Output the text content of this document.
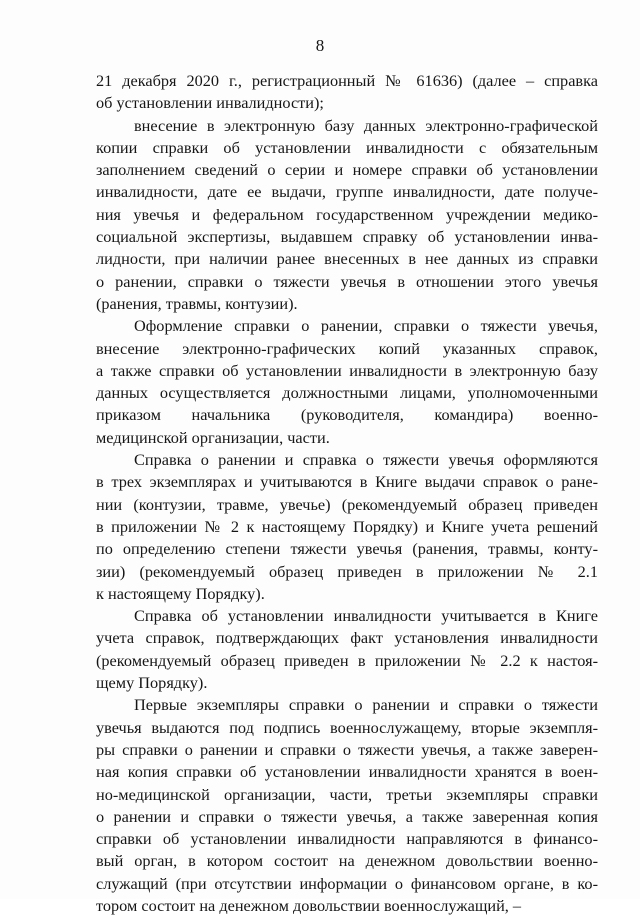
8

21 декабря 2020 г., регистрационный № 61636) (далее – справка
об установлении инвалидности);

внесение в электронную базу данных электронно-графической
копии справки об установлении инвалидности с обязательным
заполнением сведений о серии и номере справки об установлении
инвалидности, дате ее выдачи, группе инвалидности, дате получе-
ния увечья и федеральном государственном учреждении медико-
социальной экспертизы, выдавшем справку об установлении инва-
лидности, при наличии ранее внесенных в нее данных из справки
о ранении, справки о тяжести увечья в отношении этого увечья
(ранения, травмы, контузии).

Оформление справки о ранении, справки о тяжести увечья,
внесение электронно-графических копий указанных справок,
а также справки об установлении инвалидности в электронную базу
данных осуществляется должностными лицами, уполномоченными
приказом начальника (руководителя, командира) военно-
медицинской организации, части.

Справка о ранении и справка о тяжести увечья оформляются
в трех экземплярах и учитываются в Книге выдачи справок о ране-
нии (контузии, травме, увечье) (рекомендуемый образец приведен
в приложении № 2 к настоящему Порядку) и Книге учета решений
по определению степени тяжести увечья (ранения, травмы, конту-
зии) (рекомендуемый образец приведен в приложении № 2.1
к настоящему Порядку).

Справка об установлении инвалидности учитывается в Книге
учета справок, подтверждающих факт установления инвалидности
(рекомендуемый образец приведен в приложении № 2.2 к настоя-
щему Порядку).

Первые экземпляры справки о ранении и справки о тяжести
увечья выдаются под подпись военнослужащему, вторые экземпля-
ры справки о ранении и справки о тяжести увечья, а также заверен-
ная копия справки об установлении инвалидности хранятся в воен-
но-медицинской организации, части, третьи экземпляры справки
о ранении и справки о тяжести увечья, а также заверенная копия
справки об установлении инвалидности направляются в финансо-
вый орган, в котором состоит на денежном довольствии военно-
служащий (при отсутствии информации о финансовом органе, в ко-
тором состоит на денежном довольствии военнослужащий, –
